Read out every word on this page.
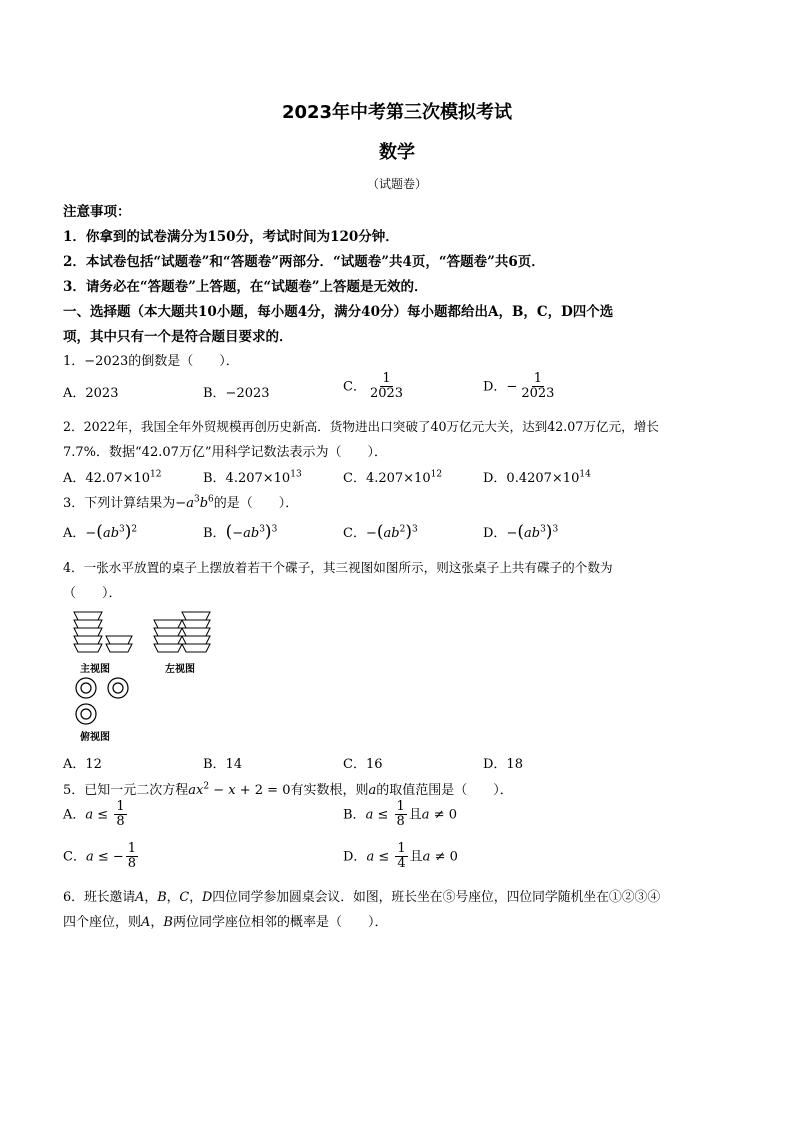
2023年中考第三次模拟考试
数学
（试题卷）
注意事项：
1．你拿到的试卷满分为150分，考试时间为120分钟．
2．本试卷包括“试题卷”和“答题卷”两部分．“试题卷”共4页，“答题卷”共6页．
3．请务必在“答题卷”上答题，在“试题卷”上答题是无效的．
一、选择题（本大题共10小题，每小题4分，满分40分）每小题都给出A，B，C，D四个选
项，其中只有一个是符合题目要求的．
1．−2023的倒数是（　　）．
A．2023	B．−2023	C． $\frac{1}{2023}$	D．− $\frac{1}{2023}$
2．2022年，我国全年外贸规模再创历史新高．货物进出口突破了40万亿元大关，达到42.07万亿元，增长
7.7%．数据“42.07万亿”用科学记数法表示为（　　）．
A．$42.07\times 10^{12}$	B．$4.207\times 10^{13}$	C．$4.207\times 10^{12}$	D．$0.4207\times 10^{14}$
3．下列计算结果为$-a^3b^6$的是（　　）．
A．$-(ab^3)^2$	B．$(-ab^3)^3$	C．$-(ab^2)^3$	D．$-(ab^3)^3$
4．一张水平放置的桌子上摆放着若干个碟子，其三视图如图所示，则这张桌子上共有碟子的个数为
（　　）．
主视图	左视图
俯视图
A．12	B．14	C．16	D．18
5．已知一元二次方程$ax^2 - x + 2 = 0$有实数根，则a的取值范围是（　　）．
A．$a \le \frac{1}{8}$	B．$a \le \frac{1}{8}$ 且a ≠ 0
C．a ≤ − $\frac{1}{8}$	D．$a \le \frac{1}{4}$ 且a ≠ 0
6．班长邀请A，B，C，D四位同学参加圆桌会议．如图，班长坐在⑤号座位，四位同学随机坐在①②③④
四个座位，则A，B两位同学座位相邻的概率是（　　）．
